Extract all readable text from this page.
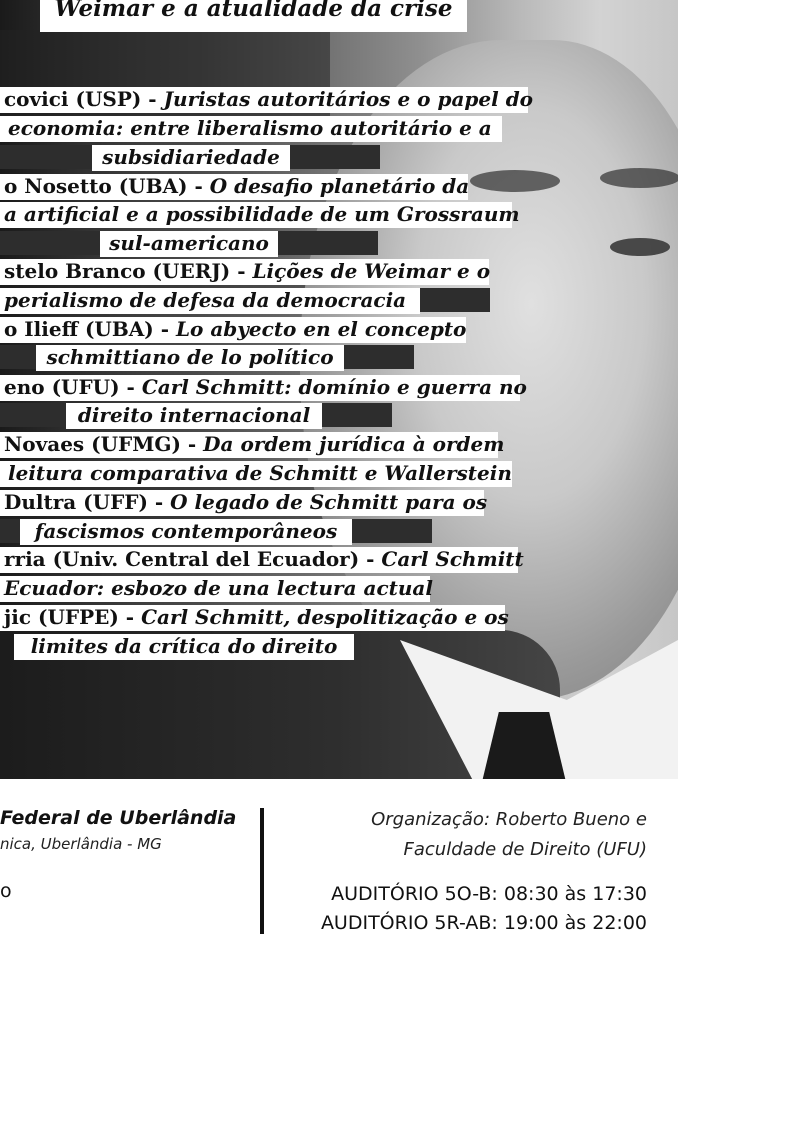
Weimar e a atualidade da crise
covici (USP) - Juristas autoritários e o papel do
economia: entre liberalismo autoritário e a
subsidiariedade
o Nosetto (UBA) - O desafio planetário da
a artificial e a possibilidade de um Grossraum
sul-americano
stelo Branco (UERJ) - Lições de Weimar e o
perialismo de defesa da democracia
o Ilieff (UBA) - Lo abyecto en el concepto
schmittiano de lo político
eno (UFU) - Carl Schmitt: domínio e guerra no
direito internacional
Novaes (UFMG) - Da ordem jurídica à ordem
leitura comparativa de Schmitt e Wallerstein
Dultra (UFF) - O legado de Schmitt para os
fascismos contemporâneos
rria (Univ. Central del Ecuador) - Carl Schmitt
Ecuador: esbozo de una lectura actual
jic (UFPE) - Carl Schmitt, despolitização e os
limites da crítica do direito
Federal de Uberlândia
nica, Uberlândia - MG
o
Organização: Roberto Bueno e
Faculdade de Direito (UFU)
AUDITÓRIO 5O-B: 08:30 às 17:30
AUDITÓRIO 5R-AB: 19:00 às 22:00
